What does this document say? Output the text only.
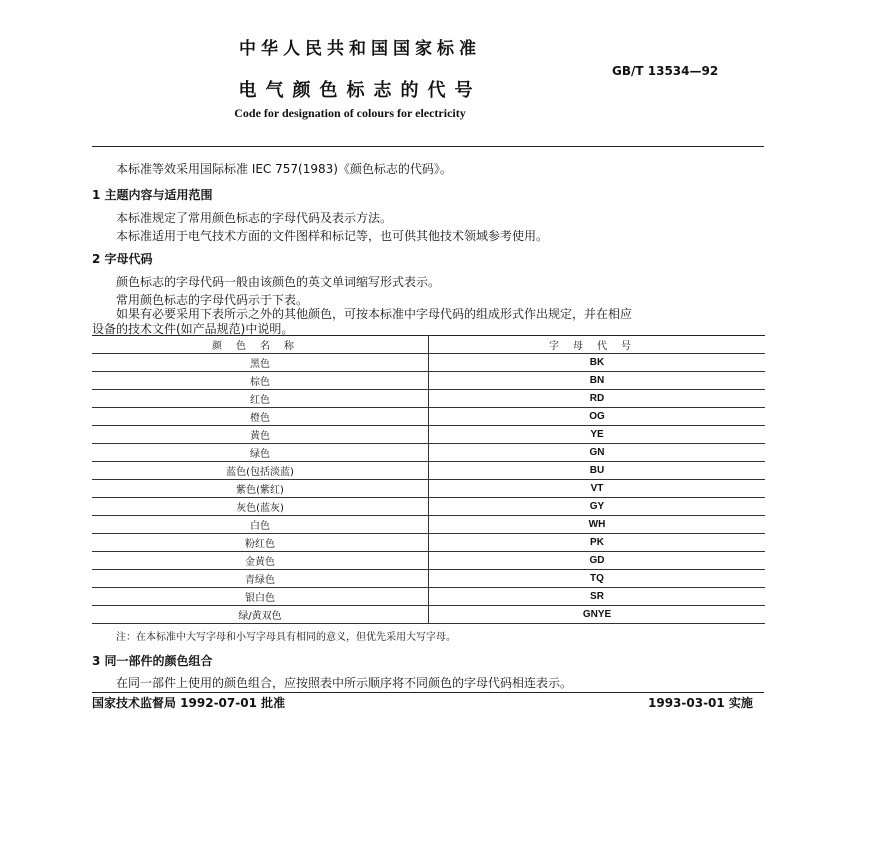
中华人民共和国国家标准
电气颜色标志的代号
GB/T 13534—92
Code for designation of colours for electricity
本标准等效采用国际标准 IEC 757(1983)《颜色标志的代码》。
1 主题内容与适用范围
本标准规定了常用颜色标志的字母代码及表示方法。
本标准适用于电气技术方面的文件图样和标记等，也可供其他技术领域参考使用。
2 字母代码
颜色标志的字母代码一般由该颜色的英文单词缩写形式表示。
常用颜色标志的字母代码示于下表。
如果有必要采用下表所示之外的其他颜色，可按本标准中字母代码的组成形式作出规定，并在相应
设备的技术文件(如产品规范)中说明。
颜色名称	字母代号
黑色	BK
棕色	BN
红色	RD
橙色	OG
黄色	YE
绿色	GN
蓝色(包括淡蓝)	BU
紫色(紫红)	VT
灰色(蓝灰)	GY
白色	WH
粉红色	PK
金黄色	GD
青绿色	TQ
银白色	SR
绿/黄双色	GNYE
注：在本标准中大写字母和小写字母具有相同的意义，但优先采用大写字母。
3 同一部件的颜色组合
在同一部件上使用的颜色组合，应按照表中所示顺序将不同颜色的字母代码相连表示。
国家技术监督局 1992-07-01 批准	1993-03-01 实施
